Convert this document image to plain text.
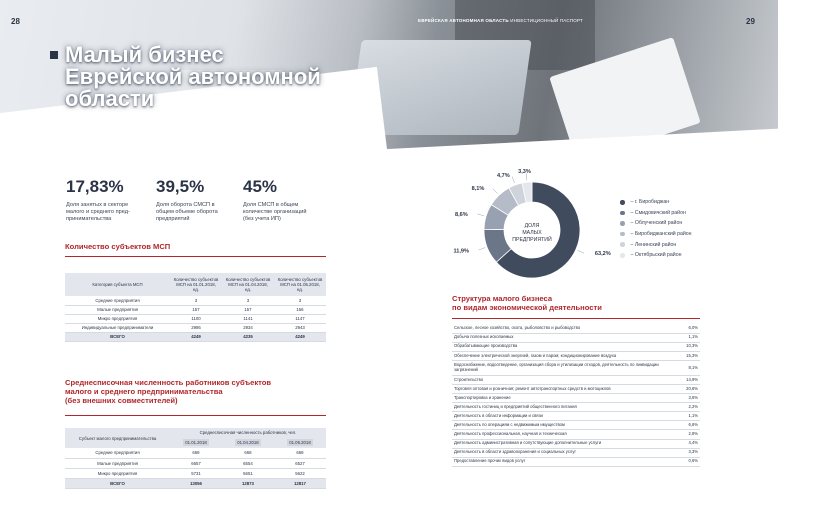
28	29
ЕВРЕЙСКАЯ АВТОНОМНАЯ ОБЛАСТЬ ИНВЕСТИЦИОННЫЙ ПАСПОРТ
Малый бизнес
Еврейской автономной
области
17,83%
Доля занятых в секторе
малого и среднего пред-
принимательства
39,5%
Доля оборота СМСП в
общем объеме оборота
предприятий
45%
Доля СМСП в общем
количестве организаций
(без учета ИП)
Количество субъектов МСП
Категория субъекта МСП	Количество субъектов МСП на 01.01.2018, ед.	Количество субъектов МСП на 01.04.2018, ед.	Количество субъектов МСП на 01.05.2018, ед.
Средние предприятия	3	3	3
Малые предприятия	157	157	156
Микро предприятия	1100	1141	1147
Индивидуальные предприниматели	2986	2934	2943
ВСЕГО	4249	4235	4249
Среднесписочная численность работников субъектов
малого и среднего предпринимательства
(без внешних совместителей)
Субъект малого предпринимательства	Среднесписочная численность работников, чел.		
	01.01.2018	01.04.2018	01.05.2018
Средние предприятия	668	668	668
Малые предприятия	6657	6554	6527
Микро предприятия	5731	5651	5622
ВСЕГО	13056	12873	12817
63,2%
11,9%
8,6%
8,1%
4,7%
3,3%
ДОЛЯ
МАЛЫХ
ПРЕДПРИЯТИЙ
– г. Биробиджан
– Смидовичский район
– Облученский район
– Биробиджанский район
– Ленинский район
– Октябрьский район
Структура малого бизнеса
по видам экономической деятельности
Сельское, лесное хозяйство, охота, рыболовство и рыбоводство	6,0%
Добыча полезных ископаемых	1,1%
Обрабатывающие производства	10,3%
Обеспечение электрической энергией, газом и паром; кондиционирование воздуха	15,3%
Водоснабжение, водоотведение, организация сбора и утилизации отходов, деятельность по ликвидации загрязнений	8,1%
Строительство	14,9%
Торговля оптовая и розничная; ремонт автотранспортных средств и мотоциклов	20,6%
Транспортировка и хранение	3,6%
Деятельность гостиниц и предприятий общественного питания	2,2%
Деятельность в области информации и связи	1,1%
Деятельность по операциям с недвижимым имуществом	6,6%
Деятельность профессиональная, научная и техническая	2,8%
Деятельность административная и сопутствующие дополнительные услуги	4,4%
Деятельность в области здравоохранения и социальных услуг	3,3%
Предоставление прочих видов услуг	0,6%
